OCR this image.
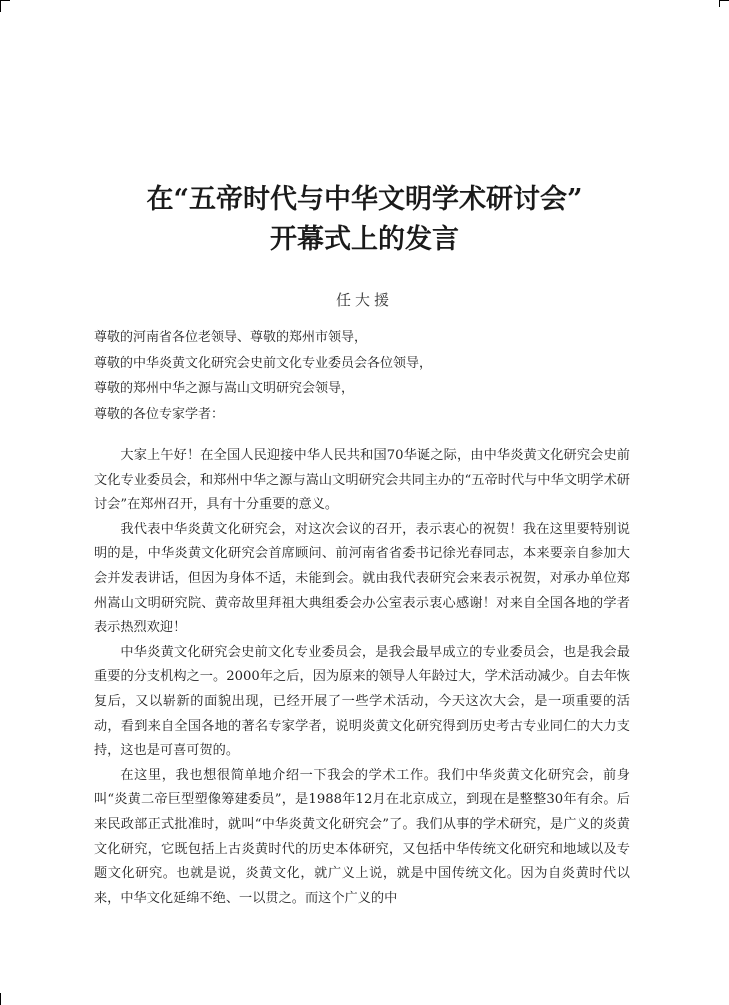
在“五帝时代与中华文明学术研讨会”
开幕式上的发言
任大援
尊敬的河南省各位老领导、尊敬的郑州市领导，
尊敬的中华炎黄文化研究会史前文化专业委员会各位领导，
尊敬的郑州中华之源与嵩山文明研究会领导，
尊敬的各位专家学者：

大家上午好！在全国人民迎接中华人民共和国70华诞之际，由中华炎黄文化研究会史前文化专业委员会，和郑州中华之源与嵩山文明研究会共同主办的“五帝时代与中华文明学术研讨会”在郑州召开，具有十分重要的意义。

我代表中华炎黄文化研究会，对这次会议的召开，表示衷心的祝贺！我在这里要特别说明的是，中华炎黄文化研究会首席顾问、前河南省省委书记徐光春同志，本来要亲自参加大会并发表讲话，但因为身体不适，未能到会。就由我代表研究会来表示祝贺，对承办单位郑州嵩山文明研究院、黄帝故里拜祖大典组委会办公室表示衷心感谢！对来自全国各地的学者表示热烈欢迎！

中华炎黄文化研究会史前文化专业委员会，是我会最早成立的专业委员会，也是我会最重要的分支机构之一。2000年之后，因为原来的领导人年龄过大，学术活动减少。自去年恢复后，又以崭新的面貌出现，已经开展了一些学术活动，今天这次大会，是一项重要的活动，看到来自全国各地的著名专家学者，说明炎黄文化研究得到历史考古专业同仁的大力支持，这也是可喜可贺的。

在这里，我也想很简单地介绍一下我会的学术工作。我们中华炎黄文化研究会，前身叫“炎黄二帝巨型塑像筹建委员”，是1988年12月在北京成立，到现在是整整30年有余。后来民政部正式批准时，就叫“中华炎黄文化研究会”了。我们从事的学术研究，是广义的炎黄文化研究，它既包括上古炎黄时代的历史本体研究，又包括中华传统文化研究和地域以及专题文化研究。也就是说，炎黄文化，就广义上说，就是中国传统文化。因为自炎黄时代以来，中华文化延绵不绝、一以贯之。而这个广义的中
